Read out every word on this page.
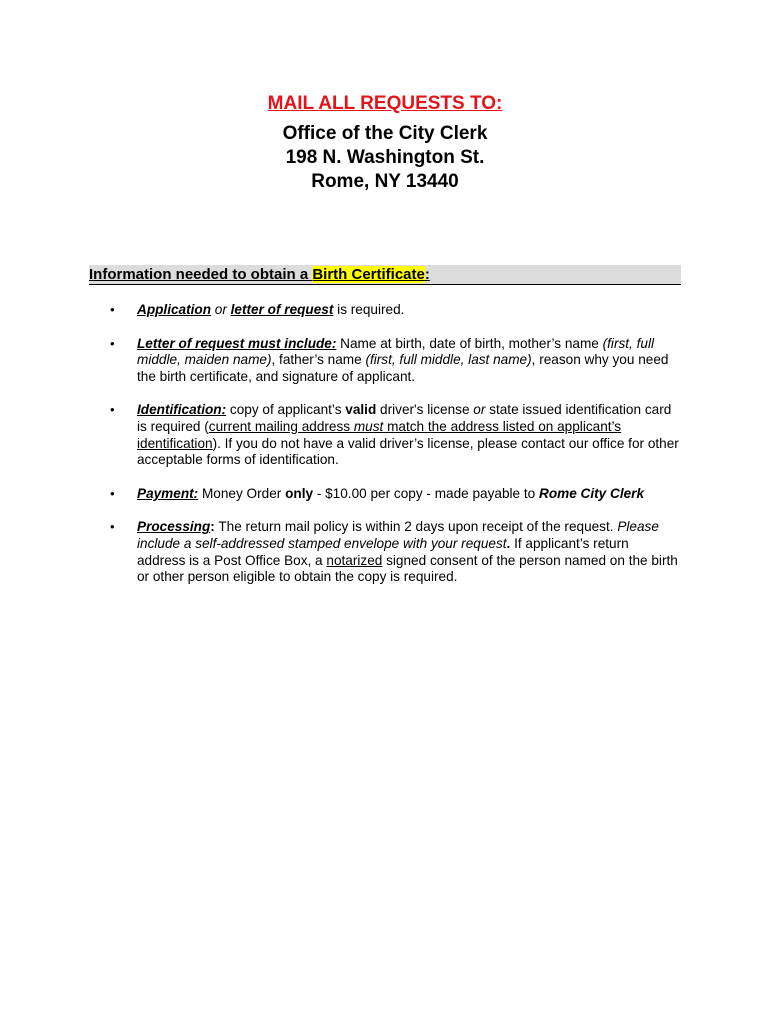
MAIL ALL REQUESTS TO:
Office of the City Clerk
198 N. Washington St.
Rome, NY 13440
Information needed to obtain a Birth Certificate:
• Application or letter of request is required.
• Letter of request must include: Name at birth, date of birth, mother’s name (first, full middle, maiden name), father’s name (first, full middle, last name), reason why you need the birth certificate, and signature of applicant.
• Identification: copy of applicant’s valid driver's license or state issued identification card is required (current mailing address must match the address listed on applicant’s identification). If you do not have a valid driver’s license, please contact our office for other acceptable forms of identification.
• Payment: Money Order only - $10.00 per copy - made payable to Rome City Clerk
• Processing: The return mail policy is within 2 days upon receipt of the request. Please include a self-addressed stamped envelope with your request. If applicant’s return address is a Post Office Box, a notarized signed consent of the person named on the birth or other person eligible to obtain the copy is required.
